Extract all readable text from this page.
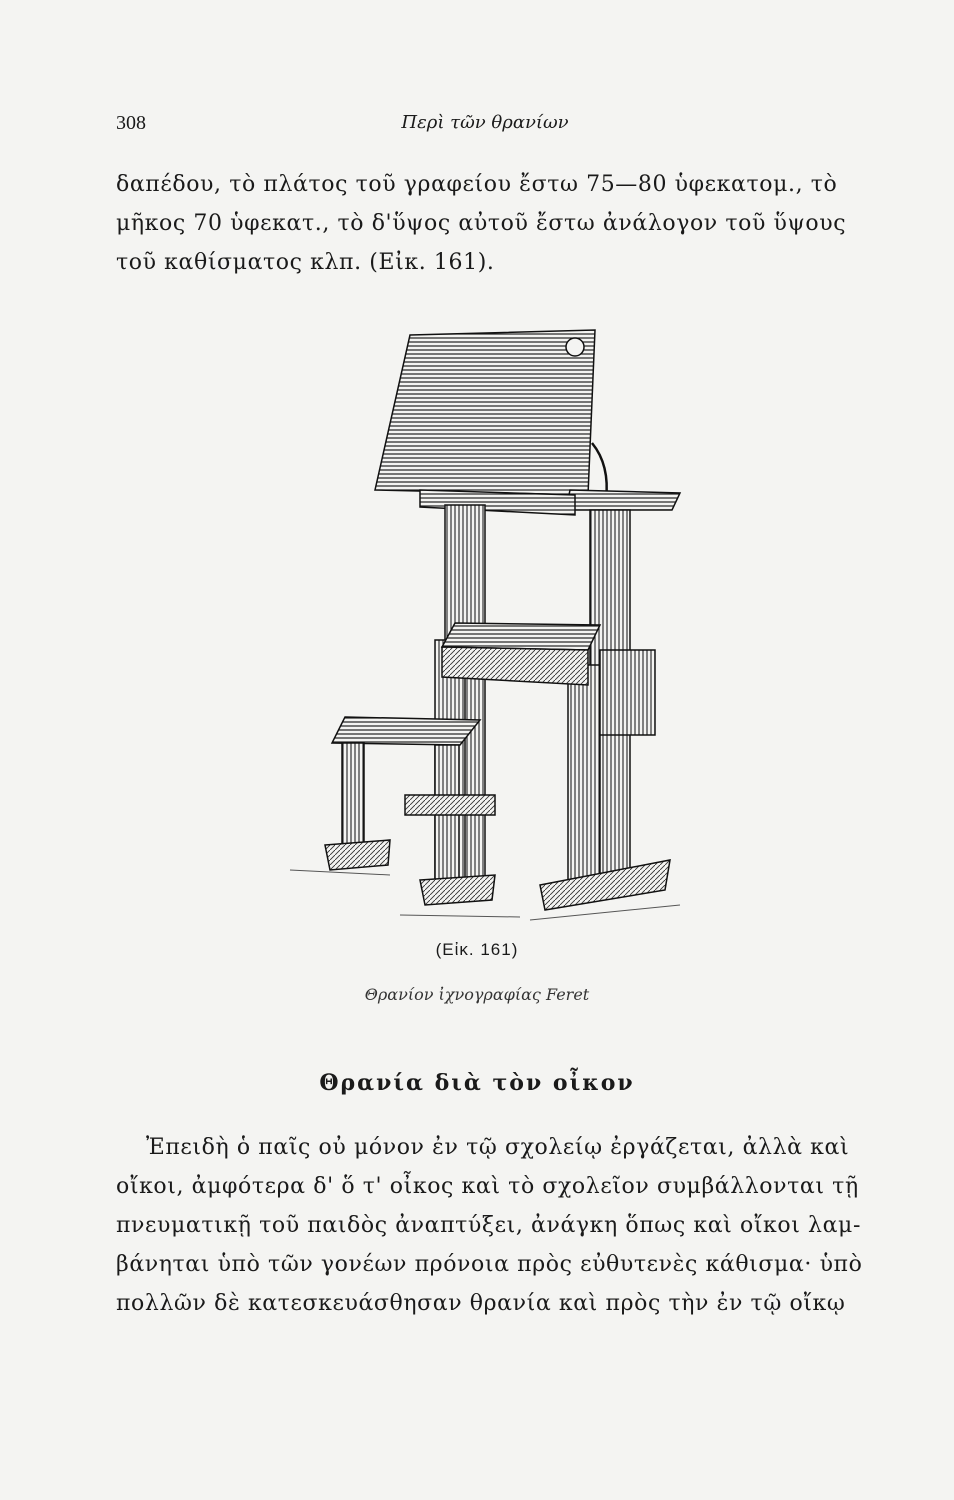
308	Περὶ τῶν θρανίων
δαπέδου, τὸ πλάτος τοῦ γραφείου ἔστω 75—80 ὑφεκατομ., τὸ
μῆκος 70 ὑφεκατ., τὸ δ'ὕψος αὐτοῦ ἔστω ἀνάλογον τοῦ ὕψους
τοῦ καθίσματος κλπ. (Εἰκ. 161).
(Εἰκ. 161)
Θρανίον ἰχνογραφίας Feret
Θρανία διὰ τὸν οἶκον
Ἐπειδὴ ὁ παῖς οὐ μόνον ἐν τῷ σχολείῳ ἐργάζεται, ἀλλὰ καὶ
οἴκοι, ἀμφότερα δ' ὅ τ' οἶκος καὶ τὸ σχολεῖον συμβάλλονται τῇ
πνευματικῇ τοῦ παιδὸς ἀναπτύξει, ἀνάγκη ὅπως καὶ οἴκοι λαμ-
βάνηται ὑπὸ τῶν γονέων πρόνοια πρὸς εὐθυτενὲς κάθισμα· ὑπὸ
πολλῶν δὲ κατεσκευάσθησαν θρανία καὶ πρὸς τὴν ἐν τῷ οἴκῳ
